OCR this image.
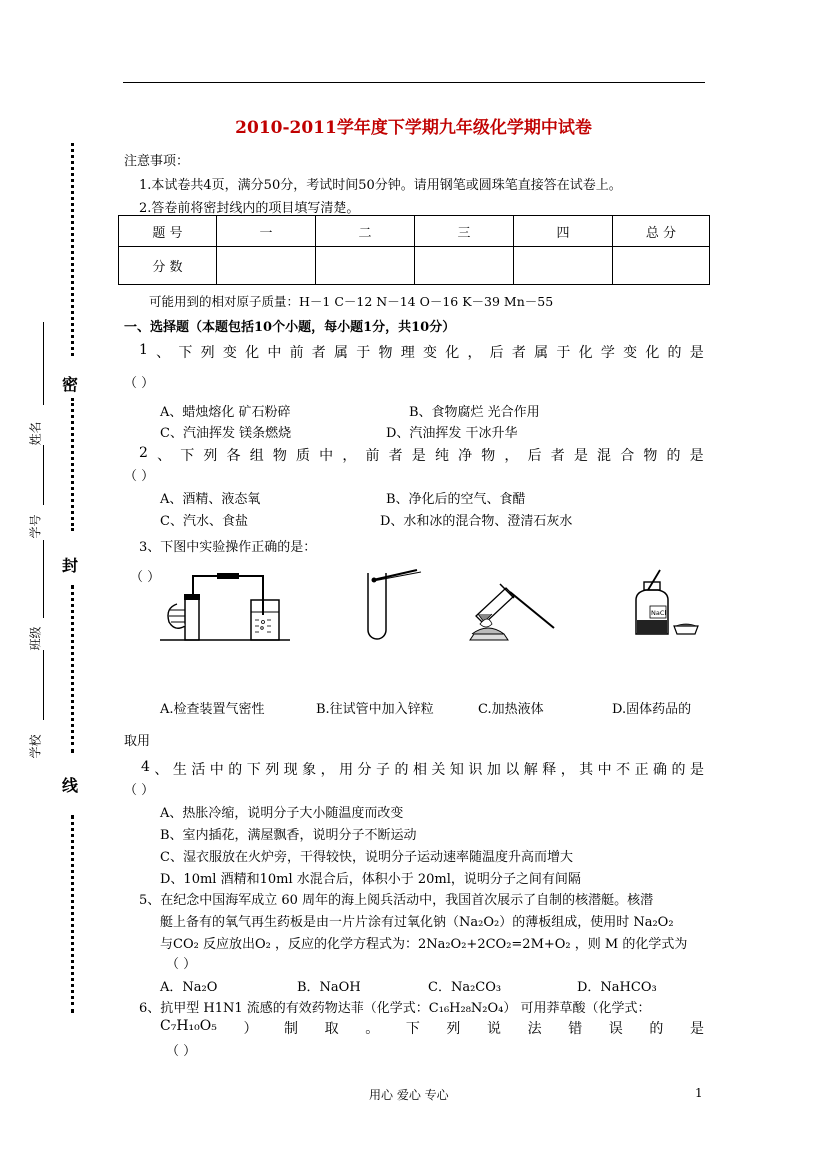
2010-2011学年度下学期九年级化学期中试卷
密
封
线
姓名
学号
班级
学校
注意事项：
1.本试卷共4页，满分50分，考试时间50分钟。请用钢笔或圆珠笔直接答在试卷上。
2.答卷前将密封线内的项目填写清楚。
题 号	一	二	三	四	总 分
分 数					
可能用到的相对原子质量：H－1 C－12 N－14 O－16 K－39 Mn－55
一、选择题（本题包括10个小题，每小题1分，共10分）
1 、 下 列 变 化 中 前 者 属 于 物 理 变 化 ， 后 者 属 于 化 学 变 化 的 是
（ ）
A、蜡烛熔化 矿石粉碎	B、食物腐烂 光合作用
C、汽油挥发 镁条燃烧	D、汽油挥发 干冰升华
2 、 下 列 各 组 物 质 中 ， 前 者 是 纯 净 物 ， 后 者 是 混 合 物 的 是
（ ）
A、酒精、液态氧	B、净化后的空气、食醋
C、汽水、食盐	D、水和冰的混合物、澄清石灰水
3、下图中实验操作正确的是：
（ ）
NaCl
A.检查装置气密性	B.往试管中加入锌粒	C.加热液体	D.固体药品的
取用
4 、 生 活 中 的 下 列 现 象 ， 用 分 子 的 相 关 知 识 加 以 解 释 ， 其 中 不 正 确 的 是
（ ）
A、热胀冷缩，说明分子大小随温度而改变
B、室内插花，满屋飘香，说明分子不断运动
C、湿衣服放在火炉旁，干得较快，说明分子运动速率随温度升高而增大
D、10ml 酒精和10ml 水混合后，体积小于 20ml，说明分子之间有间隔
5、在纪念中国海军成立 60 周年的海上阅兵活动中，我国首次展示了自制的核潜艇。核潜
艇上备有的氧气再生药板是由一片片涂有过氧化钠（Na₂O₂）的薄板组成，使用时 Na₂O₂
与CO₂ 反应放出O₂ ，反应的化学方程式为：2Na₂O₂+2CO₂=2M+O₂ ，则 M 的化学式为
（ ）
A．Na₂O	B．NaOH	C．Na₂CO₃	D．NaHCO₃
6、抗甲型 H1N1 流感的有效药物达菲（化学式：C₁₆H₂₈N₂O₄） 可用莽草酸（化学式：
C₇H₁₀O₅ ） 制 取 。 下 列 说 法 错 误 的 是
（ ）
用心 爱心 专心	1
